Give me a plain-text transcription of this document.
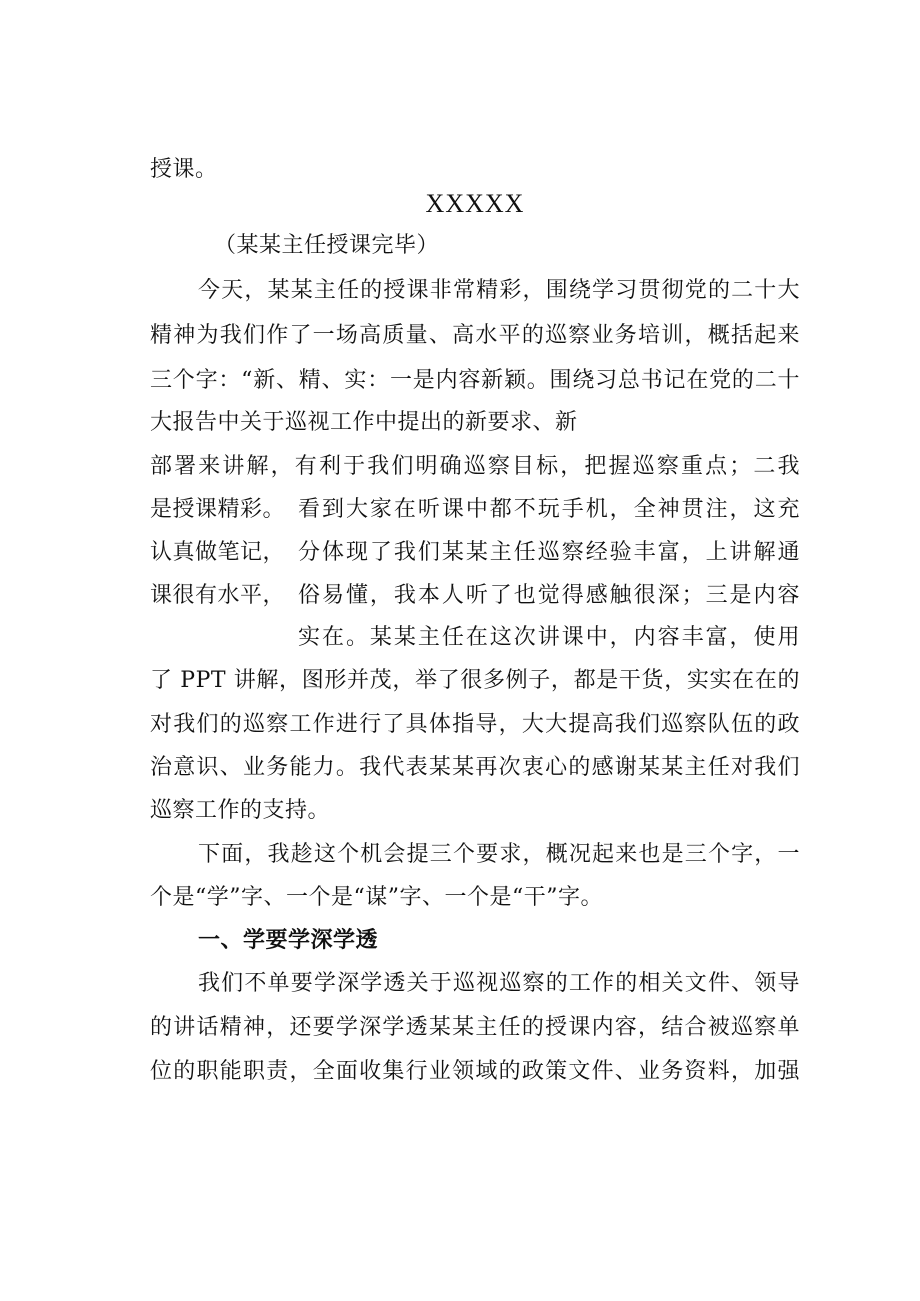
授课。
XXXXX
（某某主任授课完毕）
今天，某某主任的授课非常精彩，围绕学习贯彻党的二十大
精神为我们作了一场高质量、高水平的巡察业务培训，概括起来
三个字：“新、精、实：一是内容新颖。围绕习总书记在党的二十
大报告中关于巡视工作中提出的新要求、新
部署来讲解，有利于我们明确巡察目标，把握巡察重点；二我
是授课精彩。 看到大家在听课中都不玩手机，全神贯注，这充
认真做笔记， 分体现了我们某某主任巡察经验丰富，上讲解通
课很有水平， 俗易懂，我本人听了也觉得感触很深；三是内容
实在。某某主任在这次讲课中，内容丰富，使用
了 PPT 讲解，图形并茂，举了很多例子，都是干货，实实在在的
对我们的巡察工作进行了具体指导，大大提高我们巡察队伍的政
治意识、业务能力。我代表某某再次衷心的感谢某某主任对我们
巡察工作的支持。
下面，我趁这个机会提三个要求，概况起来也是三个字，一
个是“学”字、一个是“谋”字、一个是“干”字。
一、学要学深学透
我们不单要学深学透关于巡视巡察的工作的相关文件、领导
的讲话精神，还要学深学透某某主任的授课内容，结合被巡察单
位的职能职责，全面收集行业领域的政策文件、业务资料，加强
